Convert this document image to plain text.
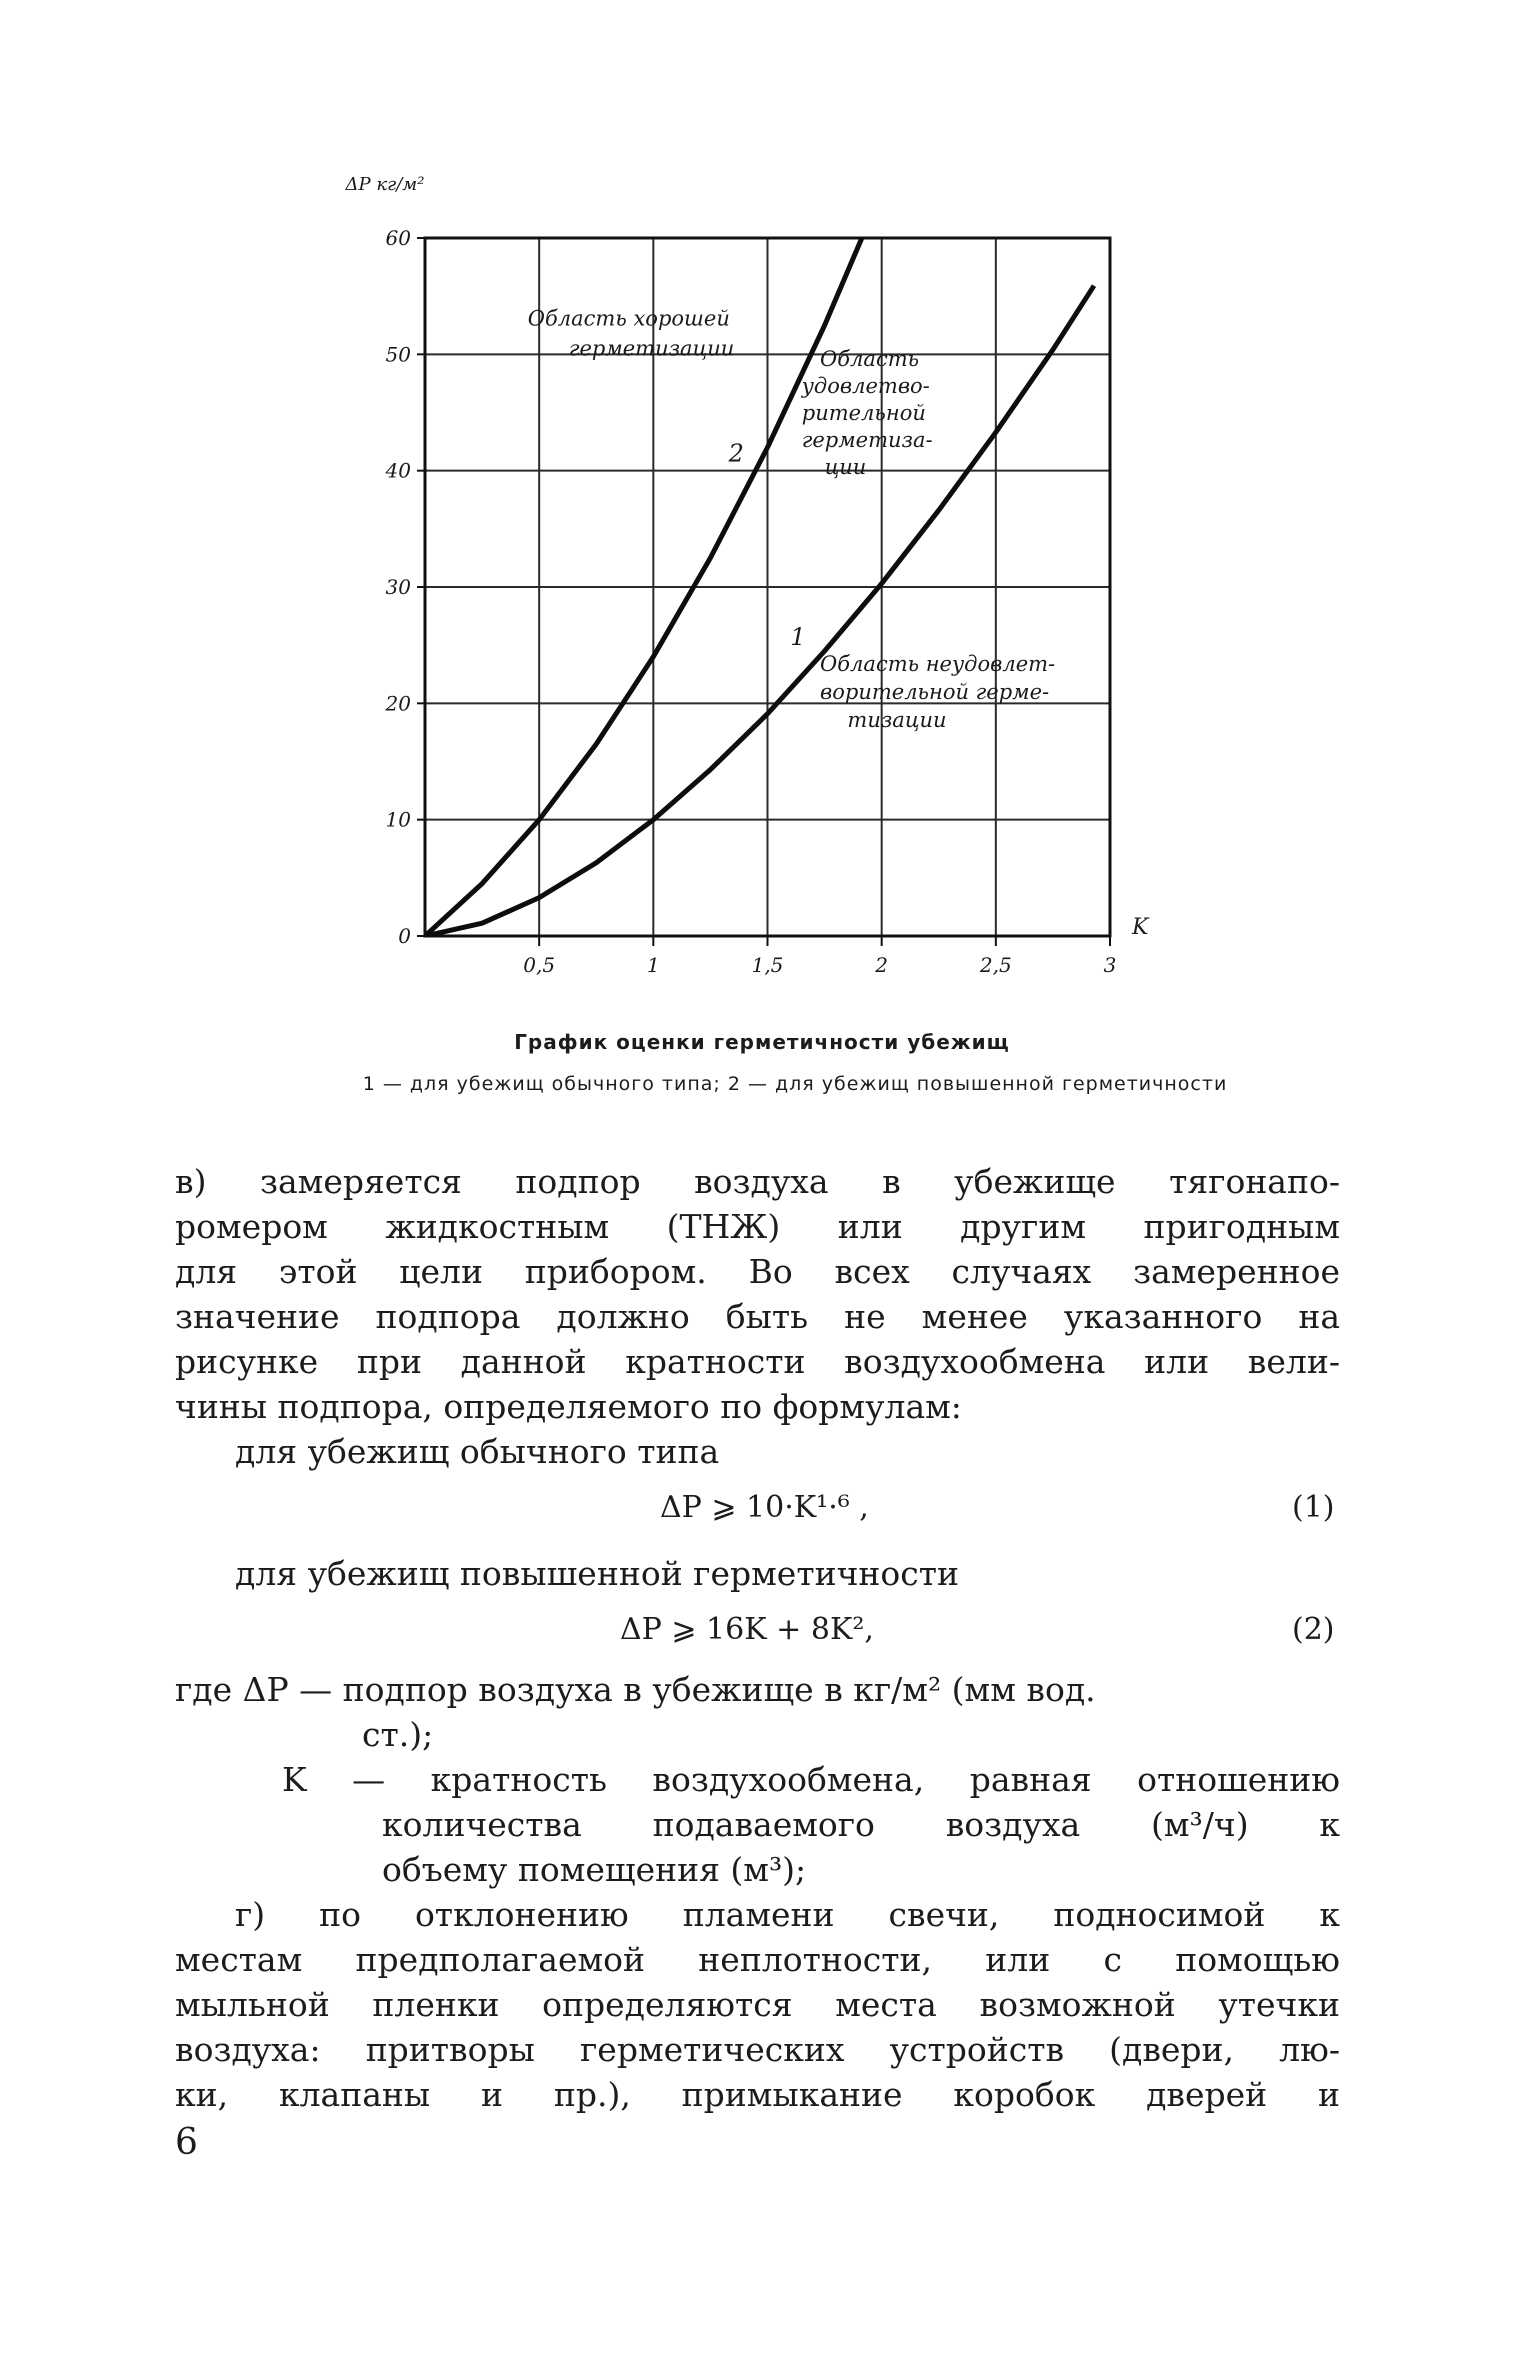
0
10
20
30
40
50
60
0,5	1	1,5	2	2,5	3
ΔP кг/м²
K
2
1
Область хорошей герметизации	Область удовлетво-рительной герметиза-ции
Область неудовлет-ворительной герме-тизации
График оценки герметичности убежищ
1 — для убежищ обычного типа; 2 — для убежищ повышенной герметичности
в) замеряется подпор воздуха в убежище тягонапо-
ромером жидкостным (ТНЖ) или другим пригодным
для этой цели прибором. Во всех случаях замеренное
значение подпора должно быть не менее указанного на
рисунке при данной кратности воздухообмена или вели-
чины подпора, определяемого по формулам:
для убежищ обычного типа
ΔP ⩾ 10·K¹·⁶ ,	(1)
для убежищ повышенной герметичности
ΔP ⩾ 16K + 8K²,	(2)
где ΔP — подпор воздуха в убежище в кг/м² (мм вод.
ст.);
K — кратность воздухообмена, равная отношению
количества подаваемого воздуха (м³/ч) к
объему помещения (м³);
г) по отклонению пламени свечи, подносимой к
местам предполагаемой неплотности, или с помощью
мыльной пленки определяются места возможной утечки
воздуха: притворы герметических устройств (двери, лю-
ки, клапаны и пр.), примыкание коробок дверей и
6
